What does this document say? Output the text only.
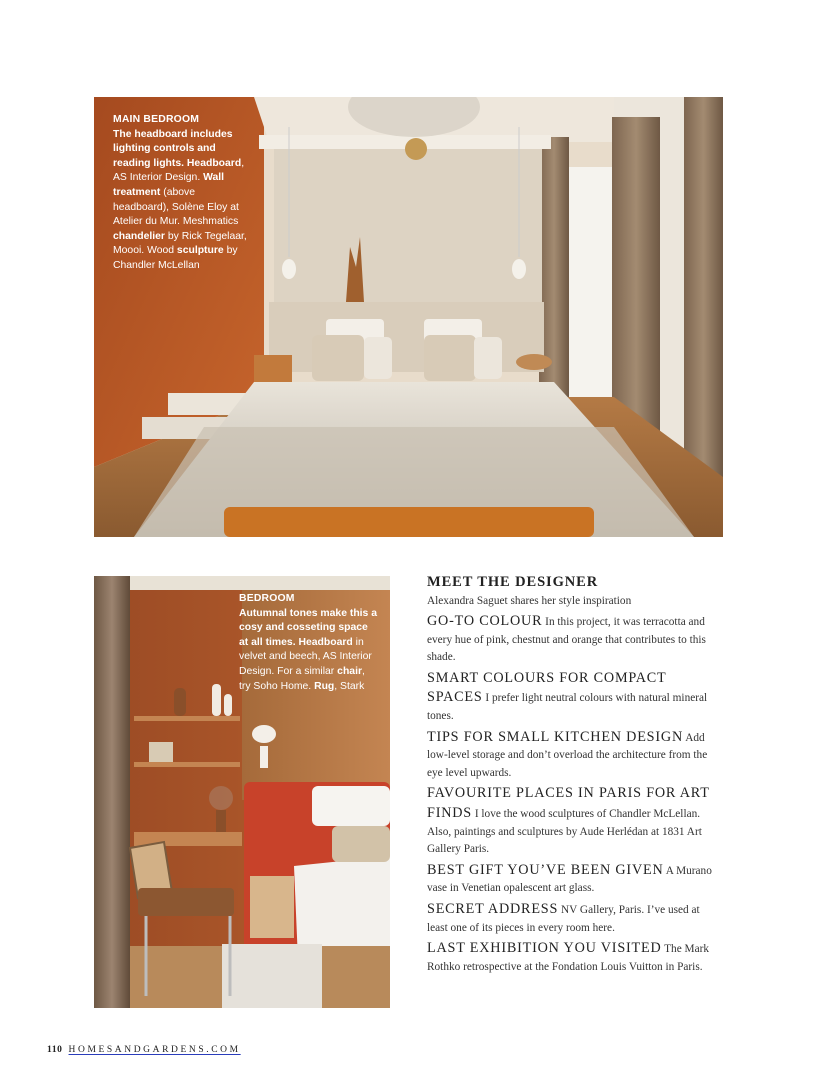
MAIN BEDROOM
The headboard includes lighting controls and reading lights. Headboard, AS Interior Design. Wall treatment (above headboard), Solène Eloy at Atelier du Mur. Meshmatics chandelier by Rick Tegelaar, Moooi. Wood sculpture by Chandler McLellan
BEDROOM
Autumnal tones make this a cosy and cosseting space at all times. Headboard in velvet and beech, AS Interior Design. For a similar chair, try Soho Home. Rug, Stark
MEET THE DESIGNER

Alexandra Saguet shares her style inspiration

GO-TO COLOUR In this project, it was terracotta and every hue of pink, chestnut and orange that contributes to this shade.

SMART COLOURS FOR COMPACT SPACES I prefer light neutral colours with natural mineral tones.

TIPS FOR SMALL KITCHEN DESIGN Add low-level storage and don’t overload the architecture from the eye level upwards.

FAVOURITE PLACES IN PARIS FOR ART FINDS I love the wood sculptures of Chandler McLellan. Also, paintings and sculptures by Aude Herlédan at 1831 Art Gallery Paris.

BEST GIFT YOU’VE BEEN GIVEN A Murano vase in Venetian opalescent art glass.

SECRET ADDRESS NV Gallery, Paris. I’ve used at least one of its pieces in every room here.

LAST EXHIBITION YOU VISITED The Mark Rothko retrospective at the Fondation Louis Vuitton in Paris.

110 HOMESANDGARDENS.COM
